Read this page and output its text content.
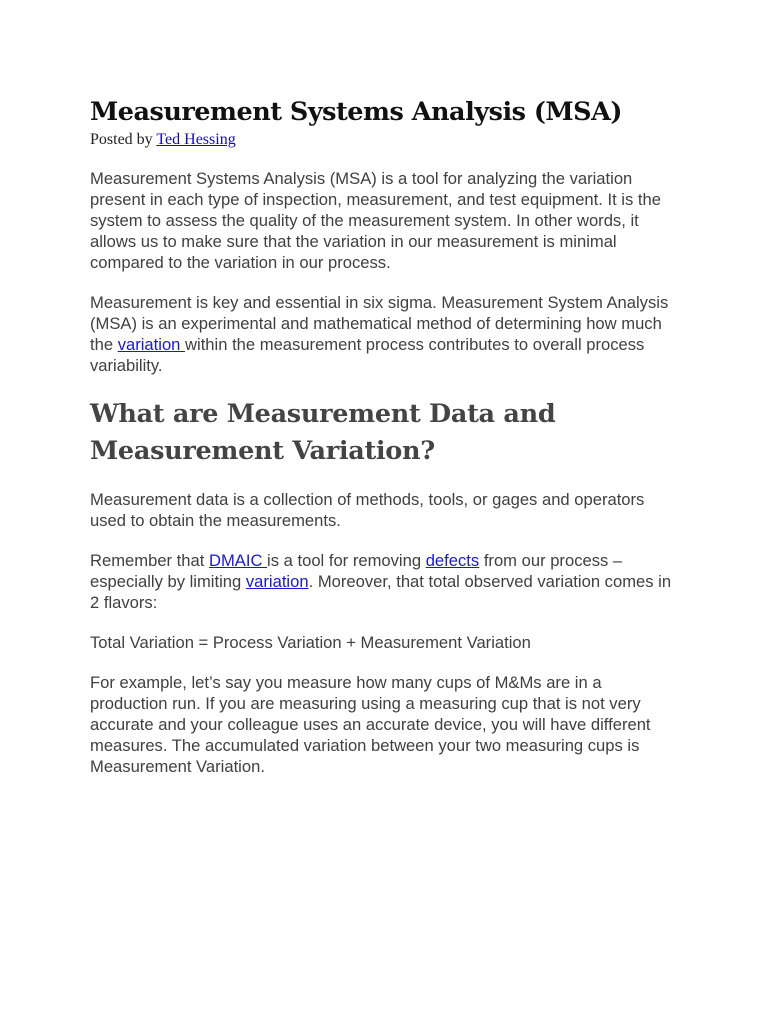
Measurement Systems Analysis (MSA)
Posted by Ted Hessing

Measurement Systems Analysis (MSA) is a tool for analyzing the variation present in each type of inspection, measurement, and test equipment. It is the system to assess the quality of the measurement system. In other words, it allows us to make sure that the variation in our measurement is minimal compared to the variation in our process.

Measurement is key and essential in six sigma. Measurement System Analysis (MSA) is an experimental and mathematical method of determining how much the variation within the measurement process contributes to overall process variability.

What are Measurement Data and Measurement Variation?

Measurement data is a collection of methods, tools, or gages and operators used to obtain the measurements.

Remember that DMAIC is a tool for removing defects from our process – especially by limiting variation. Moreover, that total observed variation comes in 2 flavors:

Total Variation = Process Variation + Measurement Variation

For example, let’s say you measure how many cups of M&Ms are in a production run. If you are measuring using a measuring cup that is not very accurate and your colleague uses an accurate device, you will have different measures. The accumulated variation between your two measuring cups is Measurement Variation.
